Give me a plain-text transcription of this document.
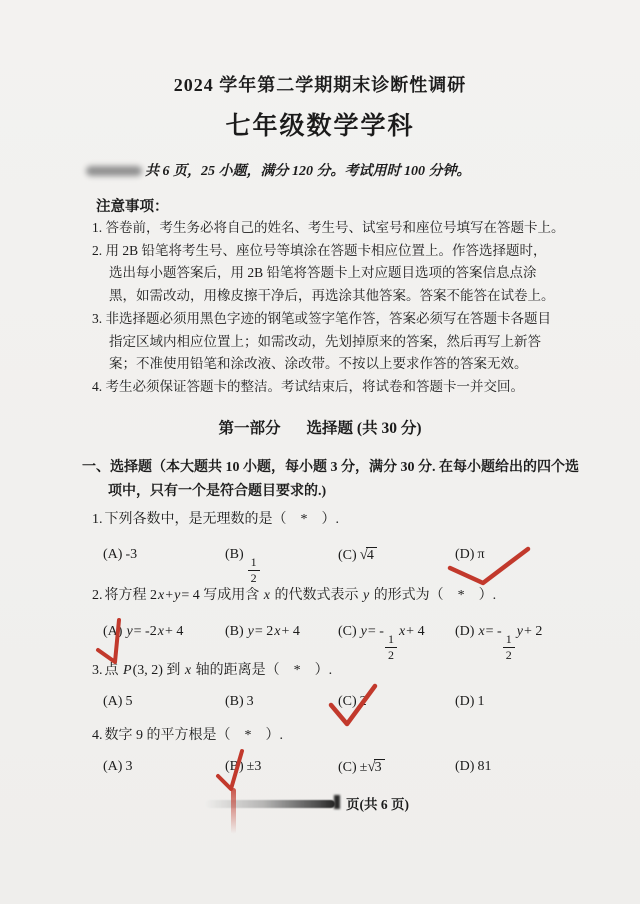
2024 学年第二学期期末诊断性调研
七年级数学学科
共 6 页，25 小题，满分 120 分。考试用时 100 分钟。
注意事项：
1. 答卷前，考生务必将自己的姓名、考生号、试室号和座位号填写在答题卡上。
2. 用 2B 铅笔将考生号、座位号等填涂在答题卡相应位置上。作答选择题时，
选出每小题答案后，用 2B 铅笔将答题卡上对应题目选项的答案信息点涂
黑，如需改动，用橡皮擦干净后，再选涂其他答案。答案不能答在试卷上。
3. 非选择题必须用黑色字迹的钢笔或签字笔作答，答案必须写在答题卡各题目
指定区域内相应位置上；如需改动，先划掉原来的答案，然后再写上新答
案；不准使用铅笔和涂改液、涂改带。不按以上要求作答的答案无效。
4. 考生必须保证答题卡的整洁。考试结束后，将试卷和答题卡一并交回。
第一部分 选择题 (共 30 分)
一、选择题（本大题共 10 小题，每小题 3 分，满分 30 分. 在每小题给出的四个选
项中，只有一个是符合题目要求的.)
1. 下列各数中，是无理数的是（　*　）.
(A) -3	(B)
$\frac{1}{2}$
(C) √4	(D) π
2. 将方程 2x+y= 4 写成用含 x 的代数式表示 y 的形式为（　*　）.
(A) y= -2x+ 4	(B) y= 2x+ 4	(C) y= -
$\frac{1}{2}$
x+ 4 (D) x= -
$\frac{1}{2}$
y+ 2
3. 点 P(3, 2) 到 x 轴的距离是（　*　）.
(A) 5	(B) 3	(C) 2	(D) 1
4. 数字 9 的平方根是（　*　）.
(A) 3	(B) ±3	(C) ±√3	(D) 81
页(共 6 页)
